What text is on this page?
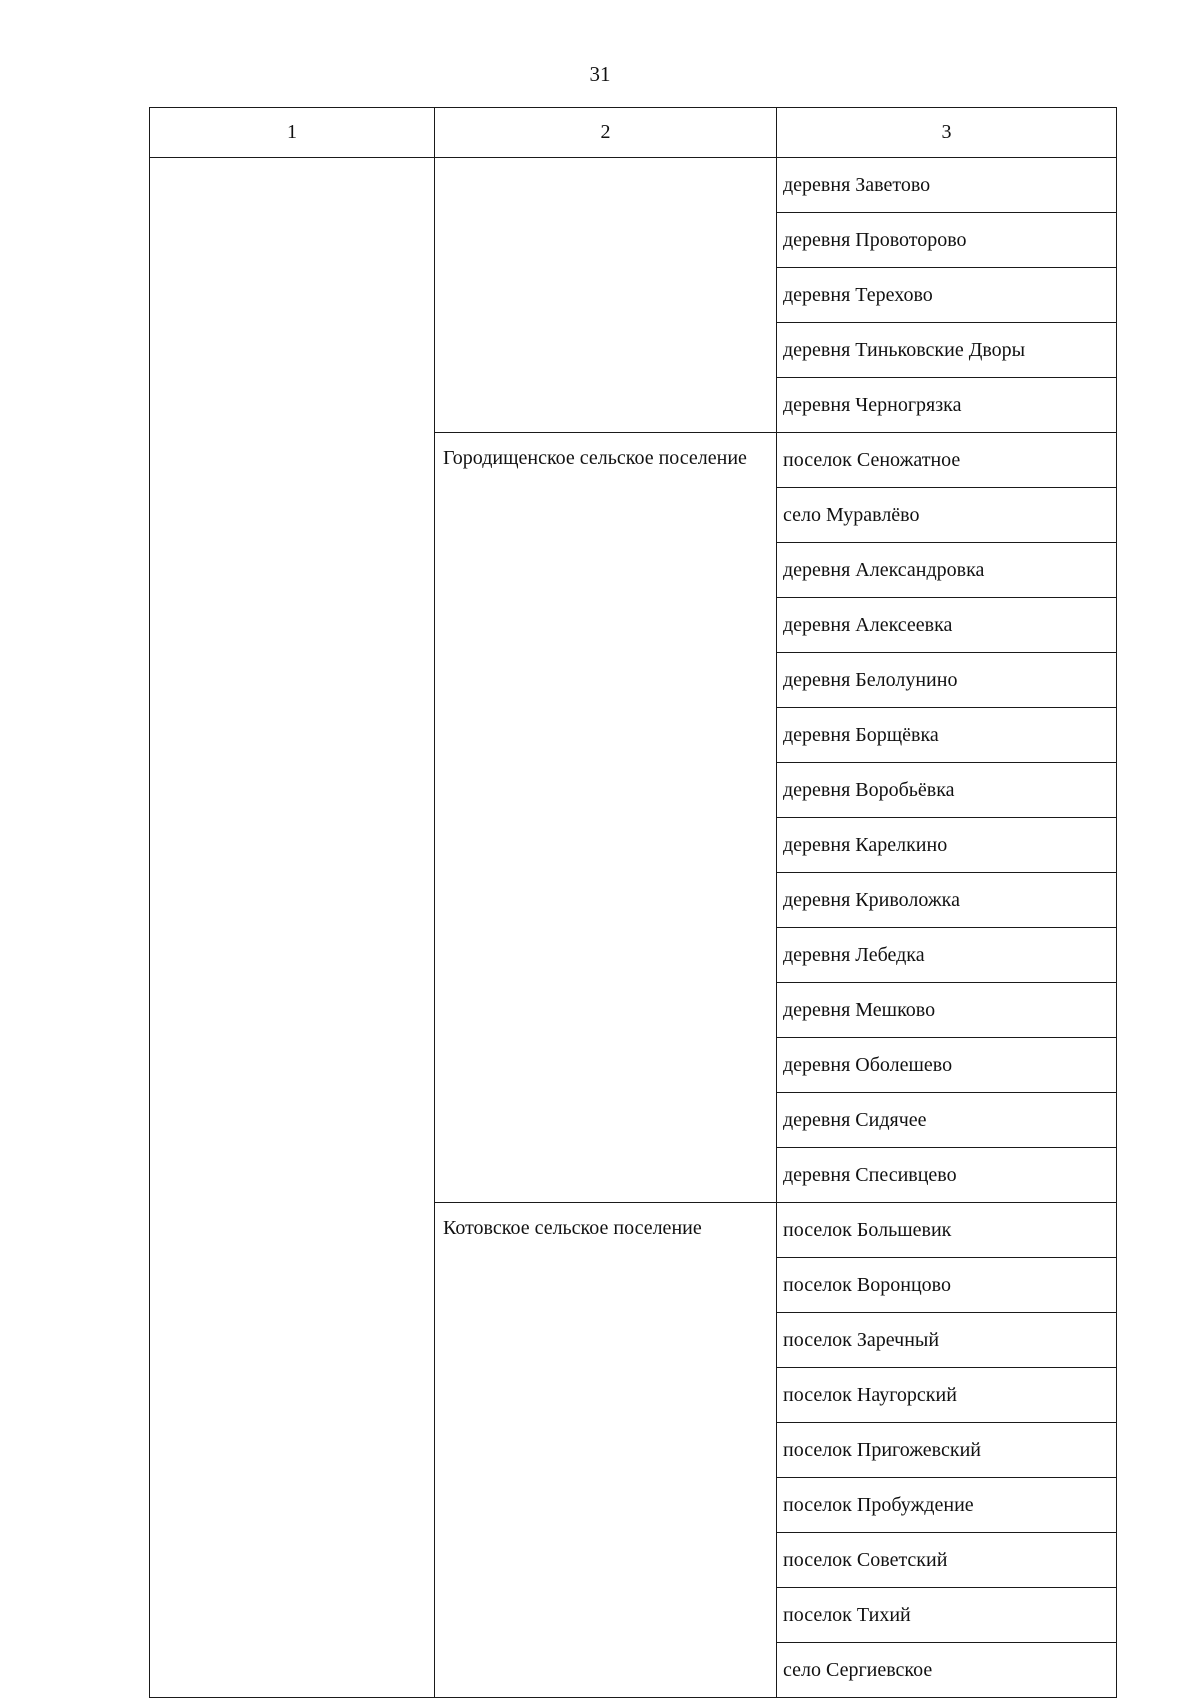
31
1	2	3
		деревня Заветово
		деревня Провоторово
		деревня Терехово
		деревня Тиньковские Дворы
		деревня Черногрязка
	Городищенское сельское поселение	поселок Сеножатное
		село Муравлёво
		деревня Александровка
		деревня Алексеевка
		деревня Белолунино
		деревня Борщёвка
		деревня Воробьёвка
		деревня Карелкино
		деревня Криволожка
		деревня Лебедка
		деревня Мешково
		деревня Оболешево
		деревня Сидячее
		деревня Спесивцево
	Котовское сельское поселение	поселок Большевик
		поселок Воронцово
		поселок Заречный
		поселок Наугорский
		поселок Пригожевский
		поселок Пробуждение
		поселок Советский
		поселок Тихий
		село Сергиевское
